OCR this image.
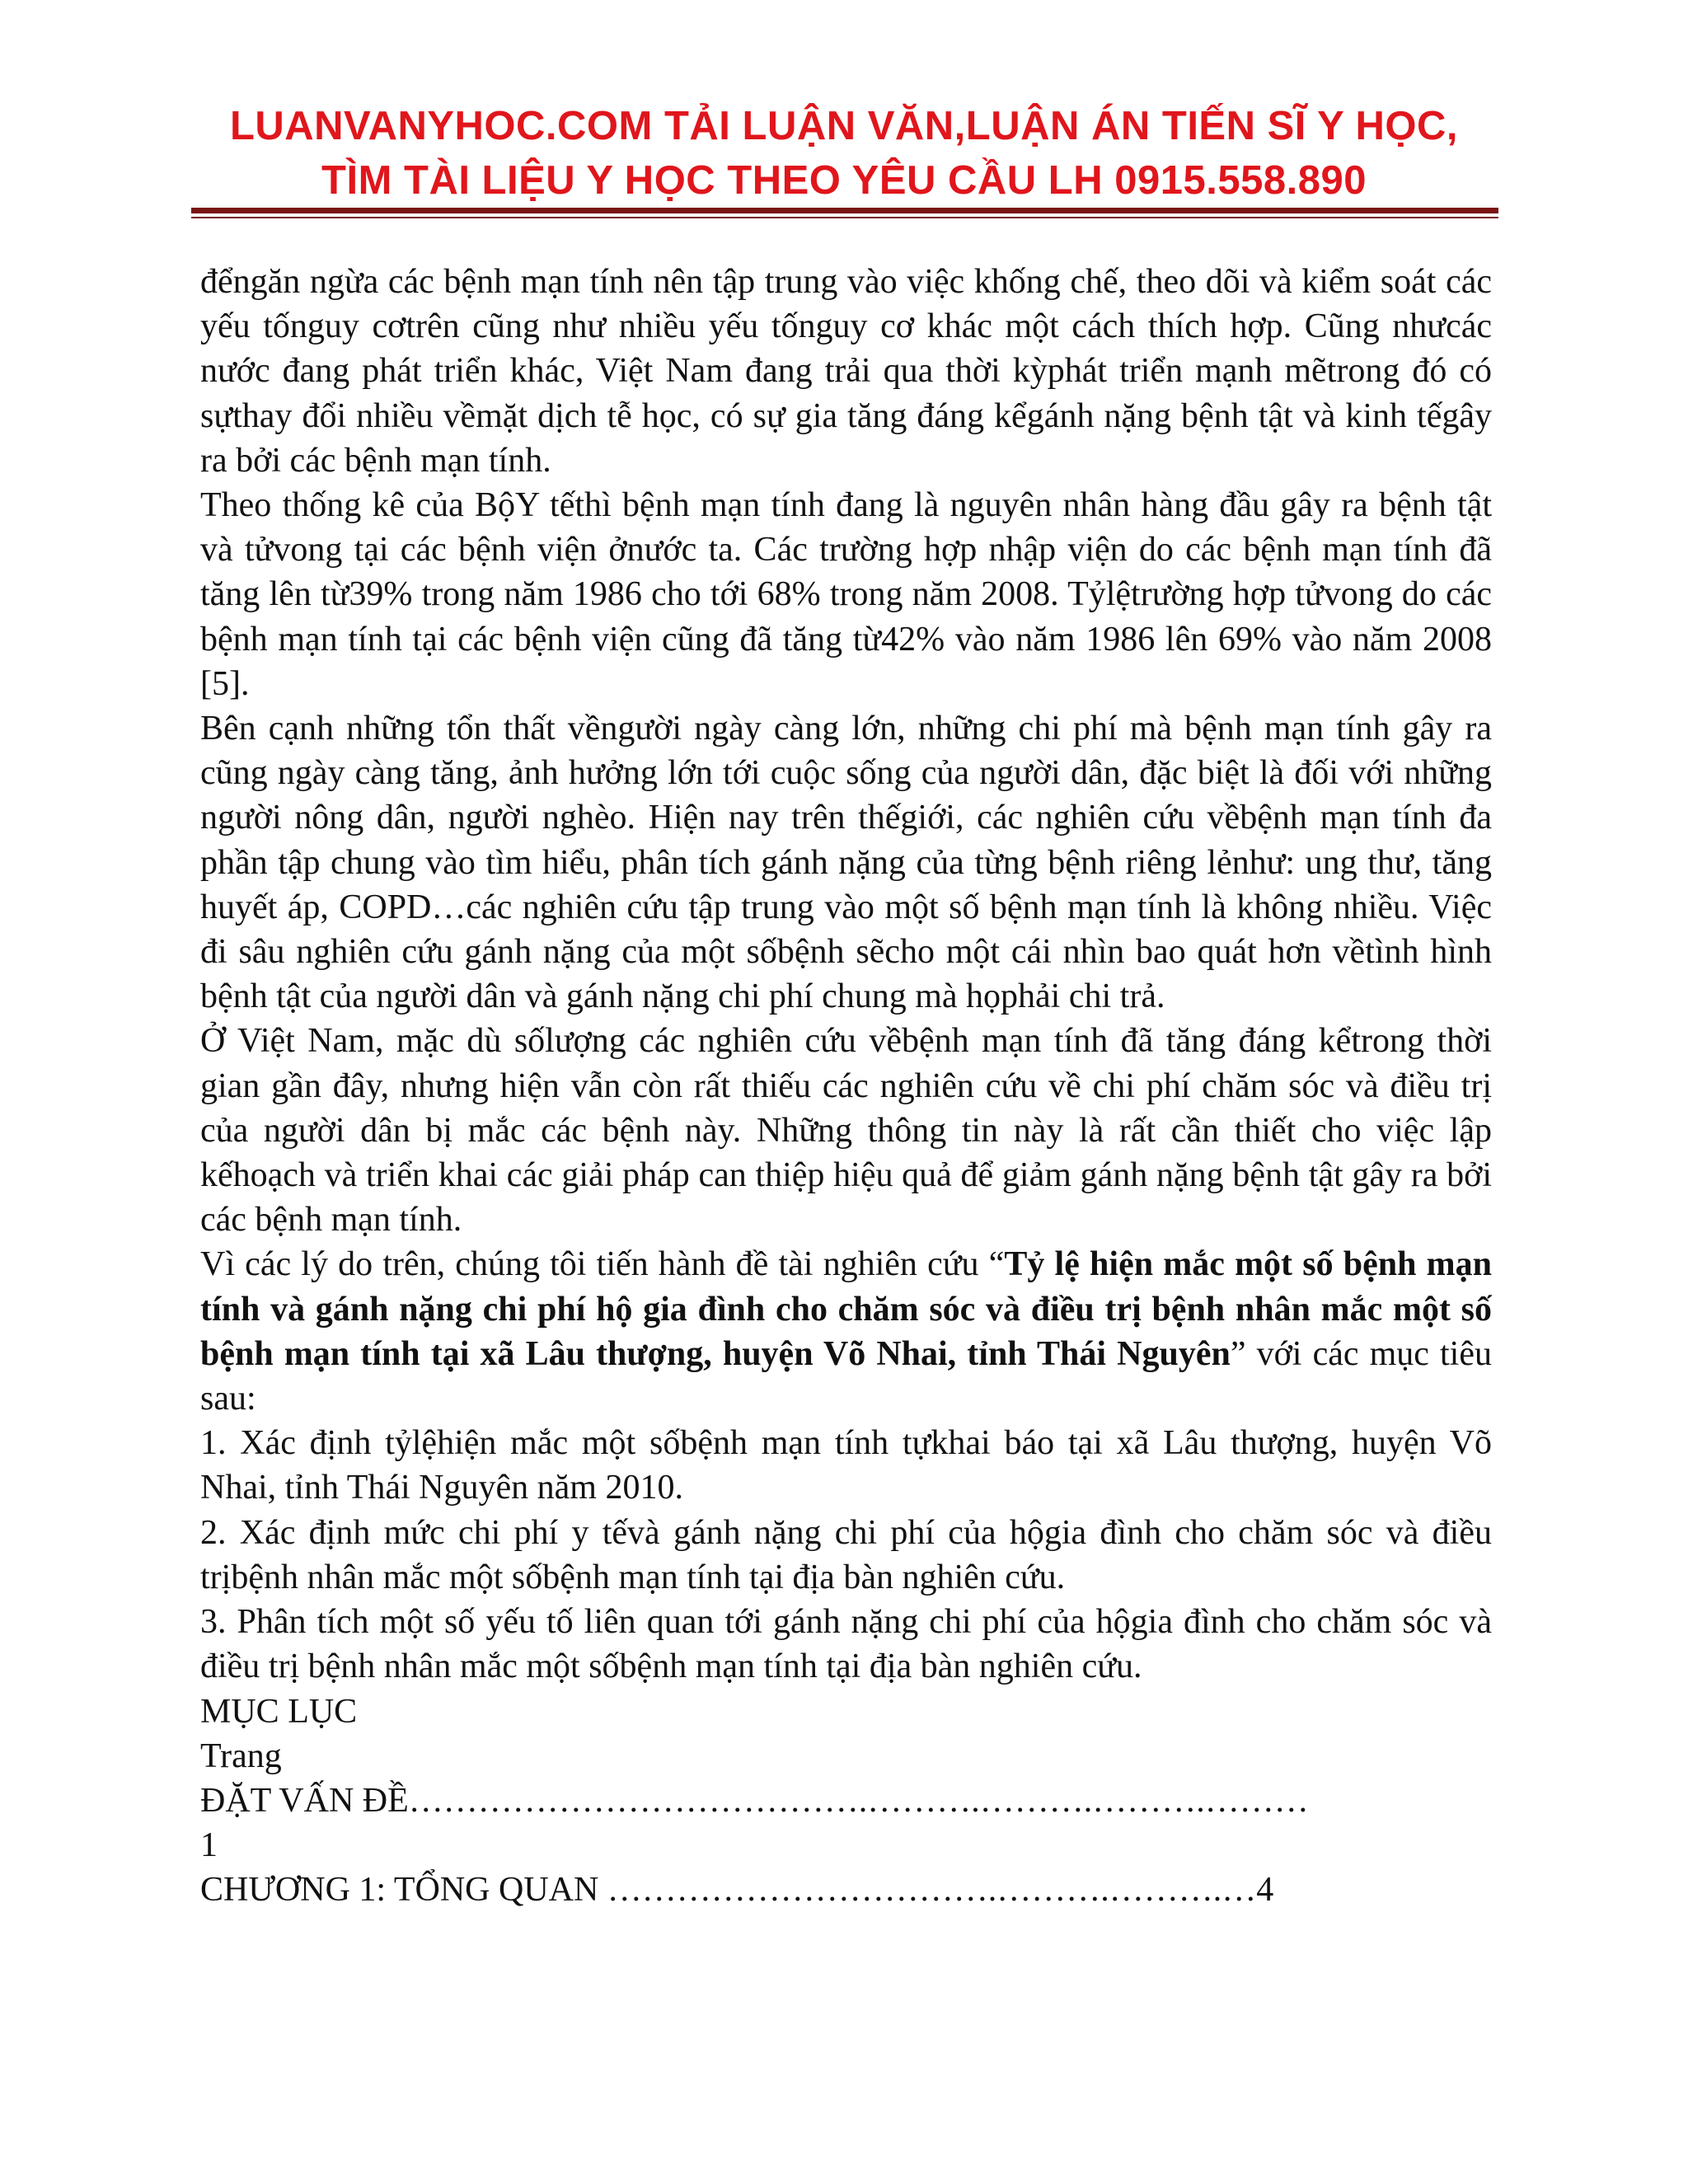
LUANVANYHOC.COM TẢI LUẬN VĂN,LUẬN ÁN TIẾN SĨ Y HỌC,
TÌM TÀI LIỆU Y HỌC THEO YÊU CẦU LH 0915.558.890

đểngăn ngừa các bệnh mạn tính nên tập trung vào việc khống chế, theo dõi và kiểm soát các yếu tốnguy cơtrên cũng như nhiều yếu tốnguy cơ khác một cách thích hợp. Cũng nhưcác nước đang phát triển khác, Việt Nam đang trải qua thời kỳphát triển mạnh mẽtrong đó có sựthay đổi nhiều vềmặt dịch tễ học, có sự gia tăng đáng kểgánh nặng bệnh tật và kinh tếgây ra bởi các bệnh mạn tính.

Theo thống kê của BộY tếthì bệnh mạn tính đang là nguyên nhân hàng đầu gây ra bệnh tật và tửvong tại các bệnh viện ởnước ta. Các trường hợp nhập viện do các bệnh mạn tính đã tăng lên từ39% trong năm 1986 cho tới 68% trong năm 2008. Tỷlệtrường hợp tửvong do các bệnh mạn tính tại các bệnh viện cũng đã tăng từ42% vào năm 1986 lên 69% vào năm 2008 [5].

Bên cạnh những tổn thất vềngười ngày càng lớn, những chi phí mà bệnh mạn tính gây ra cũng ngày càng tăng, ảnh hưởng lớn tới cuộc sống của người dân, đặc biệt là đối với những người nông dân, người nghèo. Hiện nay trên thếgiới, các nghiên cứu vềbệnh mạn tính đa phần tập chung vào tìm hiểu, phân tích gánh nặng của từng bệnh riêng lẻnhư: ung thư, tăng huyết áp, COPD…các nghiên cứu tập trung vào một số bệnh mạn tính là không nhiều. Việc đi sâu nghiên cứu gánh nặng của một sốbệnh sẽcho một cái nhìn bao quát hơn vềtình hình bệnh tật của người dân và gánh nặng chi phí chung mà họphải chi trả.

Ở Việt Nam, mặc dù sốlượng các nghiên cứu vềbệnh mạn tính đã tăng đáng kểtrong thời gian gần đây, nhưng hiện vẫn còn rất thiếu các nghiên cứu về chi phí chăm sóc và điều trị của người dân bị mắc các bệnh này. Những thông tin này là rất cần thiết cho việc lập kếhoạch và triển khai các giải pháp can thiệp hiệu quả để giảm gánh nặng bệnh tật gây ra bởi các bệnh mạn tính.

Vì các lý do trên, chúng tôi tiến hành đề tài nghiên cứu “Tỷ lệ hiện mắc một số bệnh mạn tính và gánh nặng chi phí hộ gia đình cho chăm sóc và điều trị bệnh nhân mắc một số bệnh mạn tính tại xã Lâu thượng, huyện Võ Nhai, tỉnh Thái Nguyên” với các mục tiêu sau:

1. Xác định tỷlệhiện mắc một sốbệnh mạn tính tựkhai báo tại xã Lâu thượng, huyện Võ Nhai, tỉnh Thái Nguyên năm 2010.

2. Xác định mức chi phí y tếvà gánh nặng chi phí của hộgia đình cho chăm sóc và điều trịbệnh nhân mắc một sốbệnh mạn tính tại địa bàn nghiên cứu.

3. Phân tích một số yếu tố liên quan tới gánh nặng chi phí của hộgia đình cho chăm sóc và điều trị bệnh nhân mắc một sốbệnh mạn tính tại địa bàn nghiên cứu.

MỤC LỤC

Trang

ĐẶT VẤN ĐỀ………………………………….……….……….……….………

1

CHƯƠNG 1: TỔNG QUAN …………………………….……….……….…4
